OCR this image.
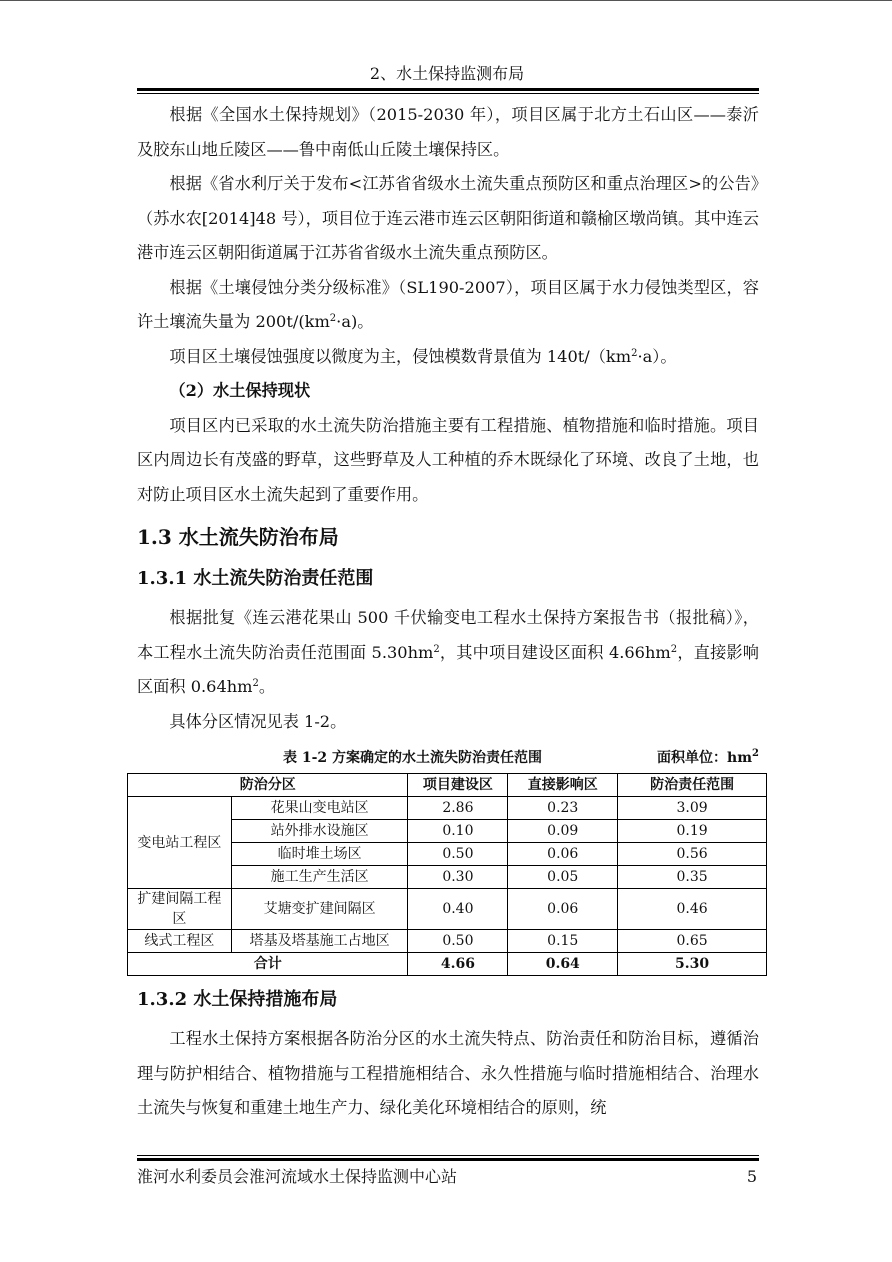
2、水土保持监测布局

根据《全国水土保持规划》（2015-2030 年），项目区属于北方土石山区——泰沂及胶东山地丘陵区——鲁中南低山丘陵土壤保持区。

根据《省水利厅关于发布<江苏省省级水土流失重点预防区和重点治理区>的公告》（苏水农[2014]48 号），项目位于连云港市连云区朝阳街道和赣榆区墩尚镇。其中连云港市连云区朝阳街道属于江苏省省级水土流失重点预防区。

根据《土壤侵蚀分类分级标准》（SL190-2007），项目区属于水力侵蚀类型区，容许土壤流失量为 $200t/(km^2\cdot a)$。

项目区土壤侵蚀强度以微度为主，侵蚀模数背景值为 $140t/(km^2\cdot a)$。

（2）水土保持现状

项目区内已采取的水土流失防治措施主要有工程措施、植物措施和临时措施。项目区内周边长有茂盛的野草，这些野草及人工种植的乔木既绿化了环境、改良了土地，也对防止项目区水土流失起到了重要作用。

1.3 水土流失防治布局
1.3.1 水土流失防治责任范围

根据批复《连云港花果山 500 千伏输变电工程水土保持方案报告书（报批稿）》，本工程水土流失防治责任范围面 $5.30hm^2$，其中项目建设区面积 $4.66hm^2$，直接影响区面积 $0.64hm^2$。

具体分区情况见表 1-2。

表 1-2 方案确定的水土流失防治责任范围	面积单位：$hm^2$
防治分区		项目建设区	直接影响区	防治责任范围
变电站工程区	花果山变电站区	2.86	0.23	3.09
	站外排水设施区	0.10	0.09	0.19
	临时堆土场区	0.50	0.06	0.56
	施工生产生活区	0.30	0.05	0.35
扩建间隔工程区	艾塘变扩建间隔区	0.40	0.06	0.46
线式工程区	塔基及塔基施工占地区	0.50	0.15	0.65
合计		4.66	0.64	5.30
1.3.2 水土保持措施布局

工程水土保持方案根据各防治分区的水土流失特点、防治责任和防治目标，遵循治理与防护相结合、植物措施与工程措施相结合、永久性措施与临时措施相结合、治理水土流失与恢复和重建土地生产力、绿化美化环境相结合的原则，统

淮河水利委员会淮河流域水土保持监测中心站	5
